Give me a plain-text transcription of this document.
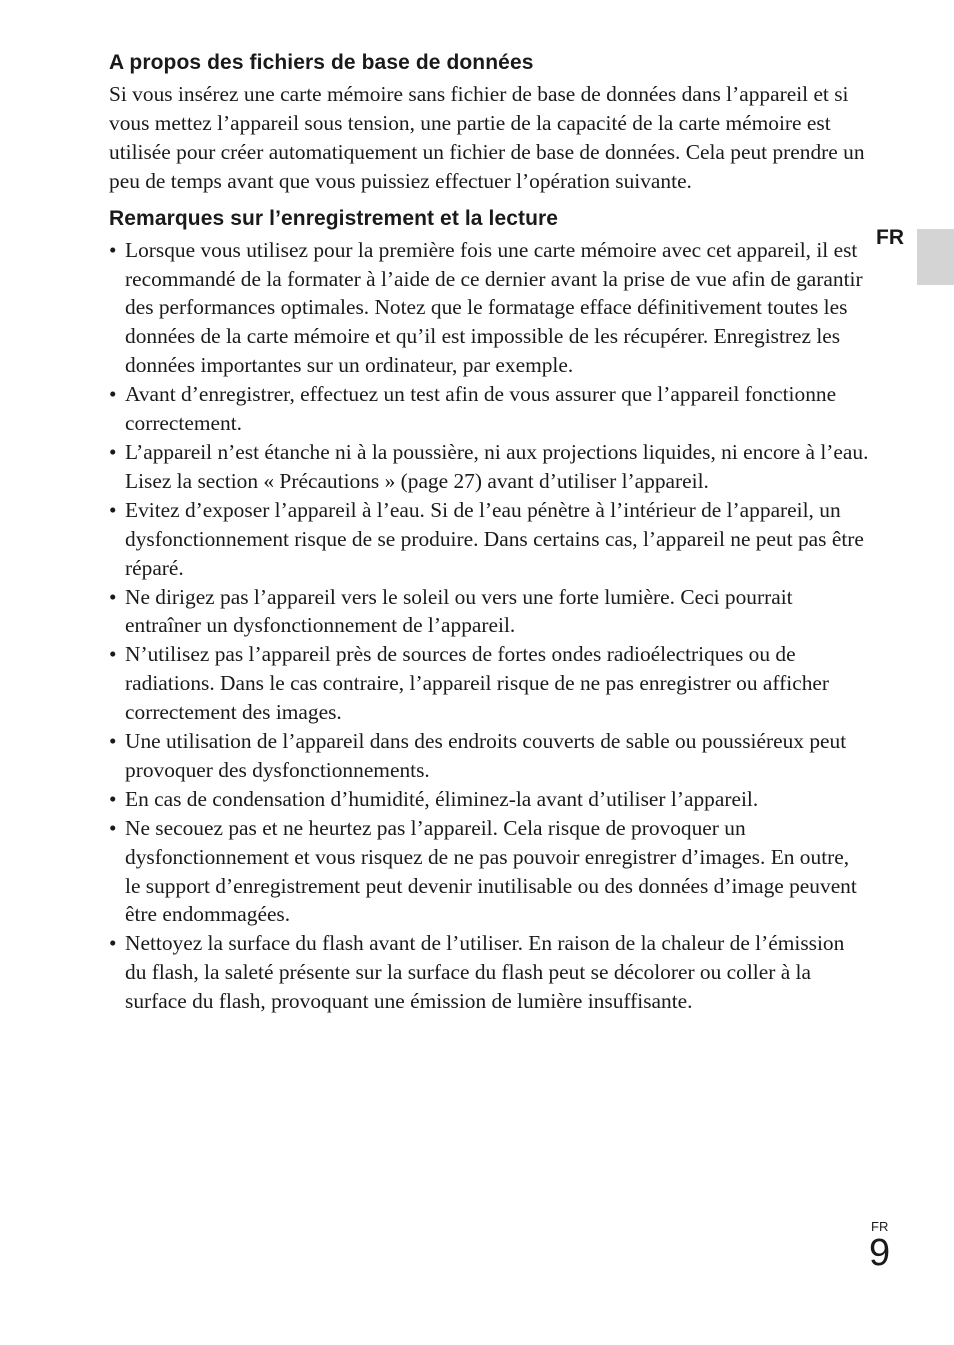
A propos des fichiers de base de données

Si vous insérez une carte mémoire sans fichier de base de données dans l’appareil et si vous mettez l’appareil sous tension, une partie de la capacité de la carte mémoire est utilisée pour créer automatiquement un fichier de base de données. Cela peut prendre un peu de temps avant que vous puissiez effectuer l’opération suivante.

Remarques sur l’enregistrement et la lecture
• Lorsque vous utilisez pour la première fois une carte mémoire avec cet appareil, il est recommandé de la formater à l’aide de ce dernier avant la prise de vue afin de garantir des performances optimales. Notez que le formatage efface définitivement toutes les données de la carte mémoire et qu’il est impossible de les récupérer. Enregistrez les données importantes sur un ordinateur, par exemple.
• Avant d’enregistrer, effectuez un test afin de vous assurer que l’appareil fonctionne correctement.
• L’appareil n’est étanche ni à la poussière, ni aux projections liquides, ni encore à l’eau. Lisez la section « Précautions » (page 27) avant d’utiliser l’appareil.
• Evitez d’exposer l’appareil à l’eau. Si de l’eau pénètre à l’intérieur de l’appareil, un dysfonctionnement risque de se produire. Dans certains cas, l’appareil ne peut pas être réparé.
• Ne dirigez pas l’appareil vers le soleil ou vers une forte lumière. Ceci pourrait entraîner un dysfonctionnement de l’appareil.
• N’utilisez pas l’appareil près de sources de fortes ondes radioélectriques ou de radiations. Dans le cas contraire, l’appareil risque de ne pas enregistrer ou afficher correctement des images.
• Une utilisation de l’appareil dans des endroits couverts de sable ou poussiéreux peut provoquer des dysfonctionnements.
• En cas de condensation d’humidité, éliminez-la avant d’utiliser l’appareil.
• Ne secouez pas et ne heurtez pas l’appareil. Cela risque de provoquer un dysfonctionnement et vous risquez de ne pas pouvoir enregistrer d’images. En outre, le support d’enregistrement peut devenir inutilisable ou des données d’image peuvent être endommagées.
• Nettoyez la surface du flash avant de l’utiliser. En raison de la chaleur de l’émission du flash, la saleté présente sur la surface du flash peut se décolorer ou coller à la surface du flash, provoquant une émission de lumière insuffisante.
FR
FR
9
